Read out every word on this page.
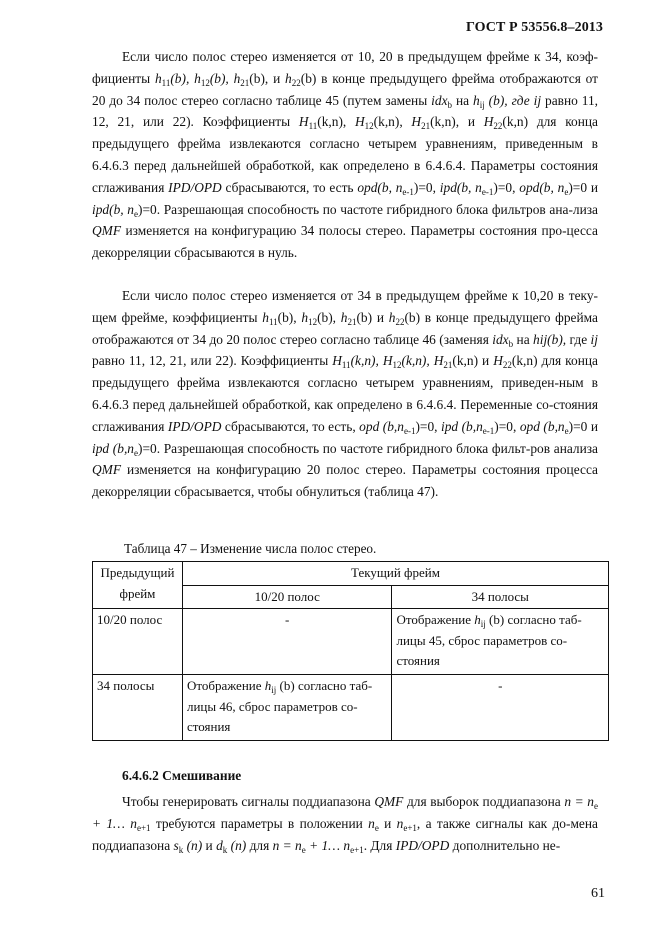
ГОСТ Р 53556.8–2013

Если число полос стерео изменяется от 10, 20 в предыдущем фрейме к 34, коэф-фициенты $h_{11}(b)$, $h_{12}(b)$, $h_{21}(b)$, и $h_{22}(b)$ в конце предыдущего фрейма отображаются от 20 до 34 полос стерео согласно таблице 45 (путем замены idx$_b$ на $h_{ij}$ (b), где ij равно 11, 12, 21, или 22). Коэффициенты $H_{11}(k,n)$, $H_{12}(k,n)$, $H_{21}(k,n)$, и $H_{22}(k,n)$ для конца предыдущего фрейма извлекаются согласно четырем уравнениям, приведенным в 6.4.6.3 перед дальнейшей обработкой, как определено в 6.4.6.4. Параметры состояния сглаживания IPD/OPD сбрасываются, то есть opd(b, $n_{e-1})=0$, ipd(b, $n_{e-1})=0$, opd(b, $n_e)=0$ и ipd(b, $n_e)=0$. Разрешающая способность по частоте гибридного блока фильтров ана-лиза QMF изменяется на конфигурацию 34 полосы стерео. Параметры состояния про-цесса декорреляции сбрасываются в нуль.

Если число полос стерео изменяется от 34 в предыдущем фрейме к 10,20 в теку-щем фрейме, коэффициенты $h_{11}(b)$, $h_{12}(b)$, $h_{21}(b)$ и $h_{22}(b)$ в конце предыдущего фрейма отображаются от 34 до 20 полос стерео согласно таблице 46 (заменяя idx$_b$ на hij(b), где ij равно 11, 12, 21, или 22). Коэффициенты $H_{11}(k,n)$, $H_{12}(k,n)$, $H_{21}(k,n)$ и $H_{22}(k,n)$ для конца предыдущего фрейма извлекаются согласно четырем уравнениям, приведен-ным в 6.4.6.3 перед дальнейшей обработкой, как определено в 6.4.6.4. Переменные со-стояния сглаживания IPD/OPD сбрасываются, то есть, opd $(b,n_{e-1})=0$, ipd $(b,n_{e-1})=0$, opd $(b,n_e)=0$ и ipd $(b,n_e)=0$. Разрешающая способность по частоте гибридного блока фильт-ров анализа QMF изменяется на конфигурацию 20 полос стерео. Параметры состояния процесса декорреляции сбрасывается, чтобы обнулиться (таблица 47).

Таблица 47 – Изменение числа полос стерео.
Предыдущий фрейм	Текущий фрейм	
	10/20 полос	34 полосы
10/20 полос	-	Отображение $h_{ij}$ (b) согласно таб-лицы 45, сброс параметров со-стояния
34 полосы	Отображение $h_{ij}$ (b) согласно таб-лицы 46, сброс параметров со-стояния	-
6.4.6.2 Смешивание

Чтобы генерировать сигналы поддиапазона QMF для выборок поддиапазона $n = n_e$ + 1… $n_{e+1}$ требуются параметры в положении $n_e$ и $n_{e+1}$, а также сигналы как до-мена поддиапазона $s_k$ (n) и $d_k$ (n) для $n = n_e$ + 1… $n_{e+1}$. Для IPD/OPD дополнительно не-

61
